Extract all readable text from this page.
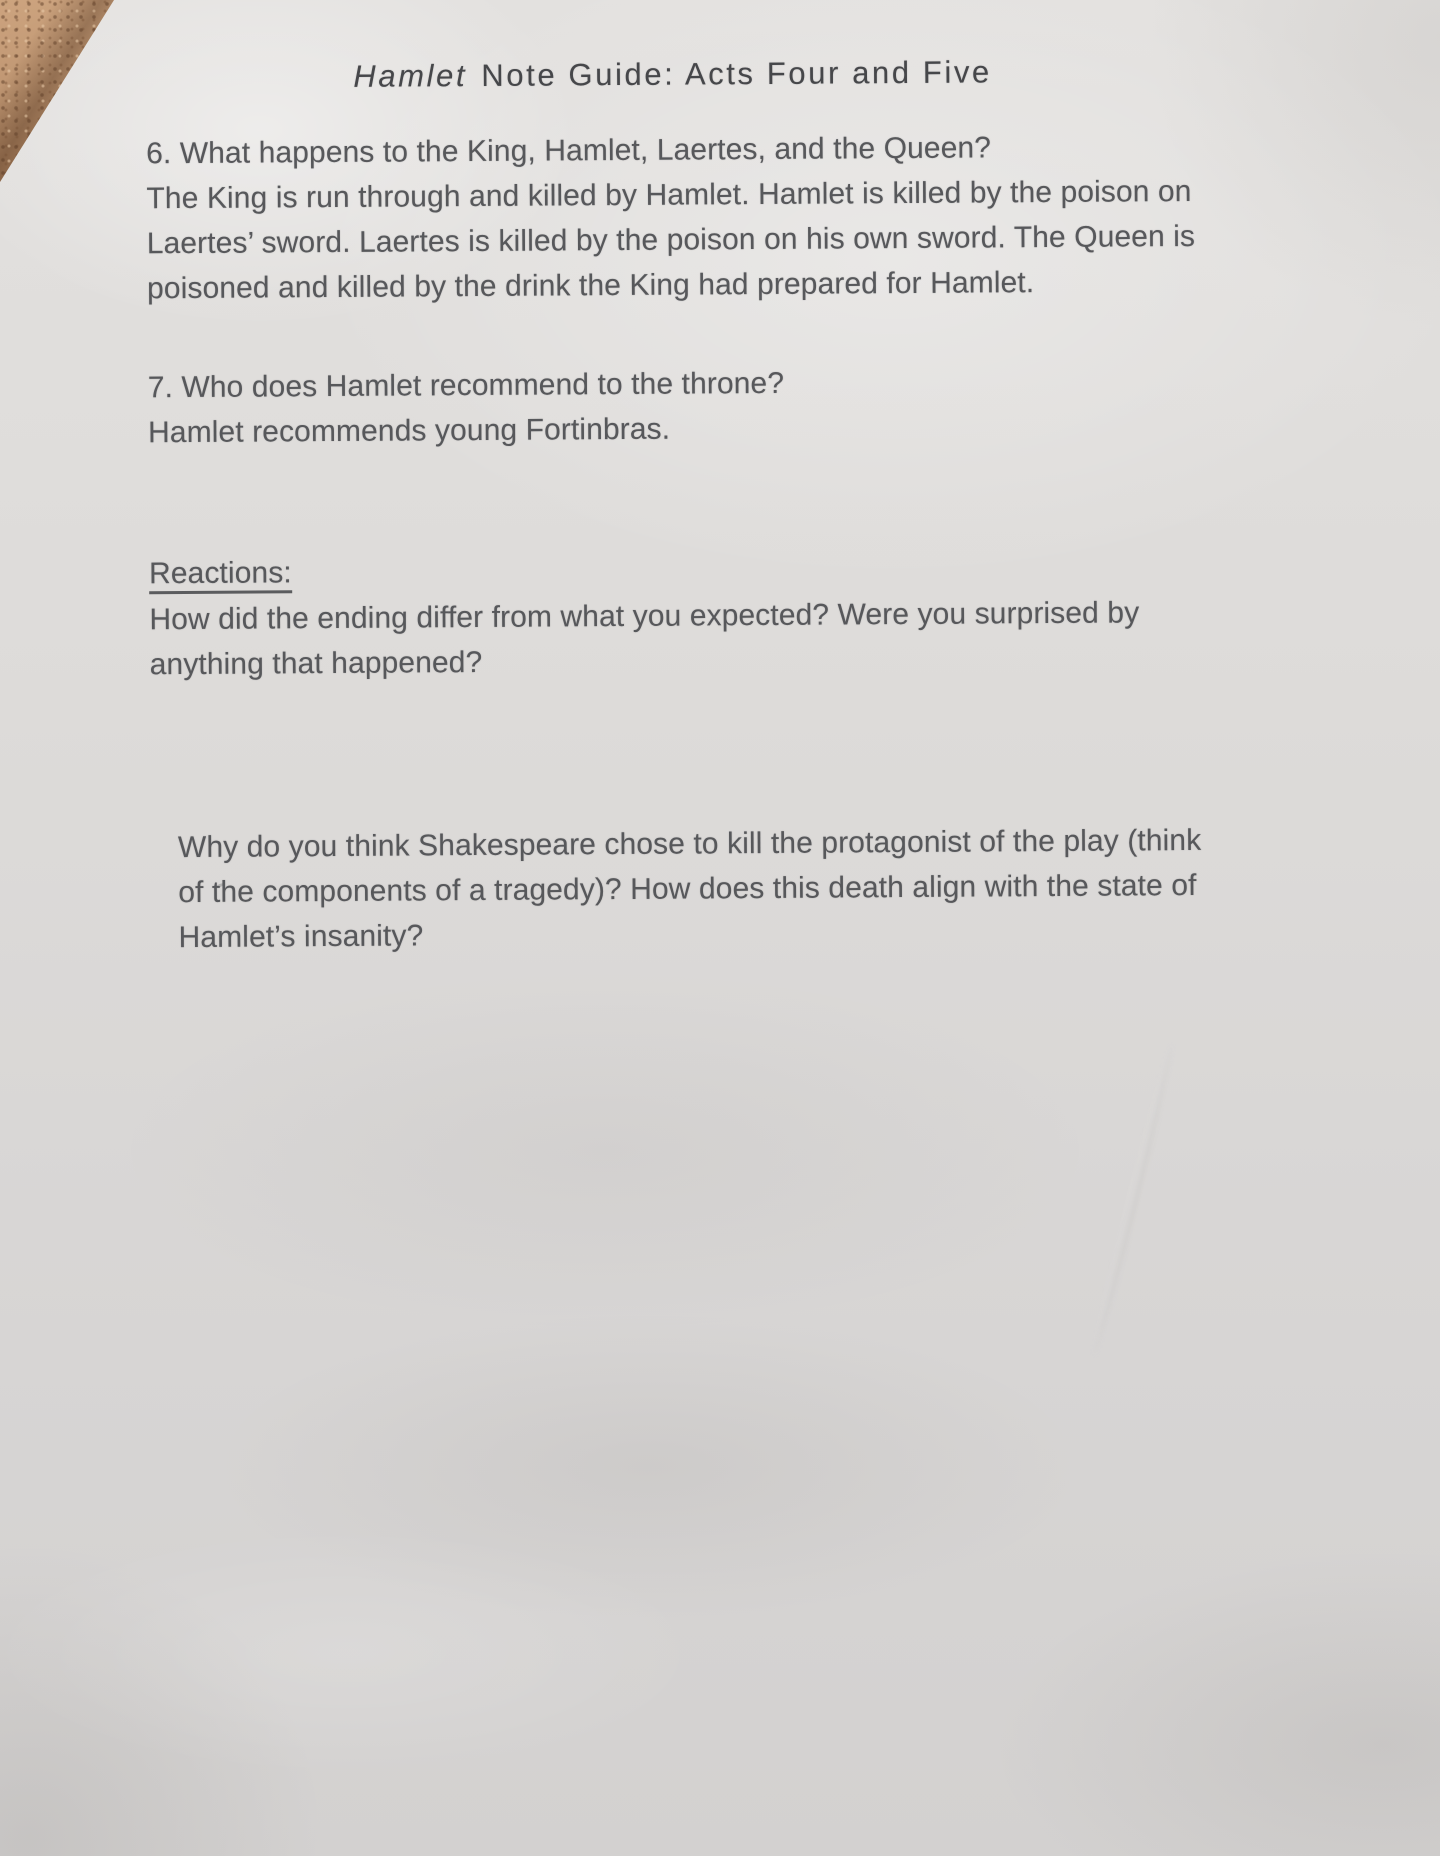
Hamlet Note Guide: Acts Four and Five
6. What happens to the King, Hamlet, Laertes, and the Queen?
The King is run through and killed by Hamlet. Hamlet is killed by the poison on
Laertes’ sword. Laertes is killed by the poison on his own sword. The Queen is
poisoned and killed by the drink the King had prepared for Hamlet.
7. Who does Hamlet recommend to the throne?
Hamlet recommends young Fortinbras.
Reactions:
How did the ending differ from what you expected? Were you surprised by
anything that happened?
Why do you think Shakespeare chose to kill the protagonist of the play (think
of the components of a tragedy)? How does this death align with the state of
Hamlet’s insanity?
